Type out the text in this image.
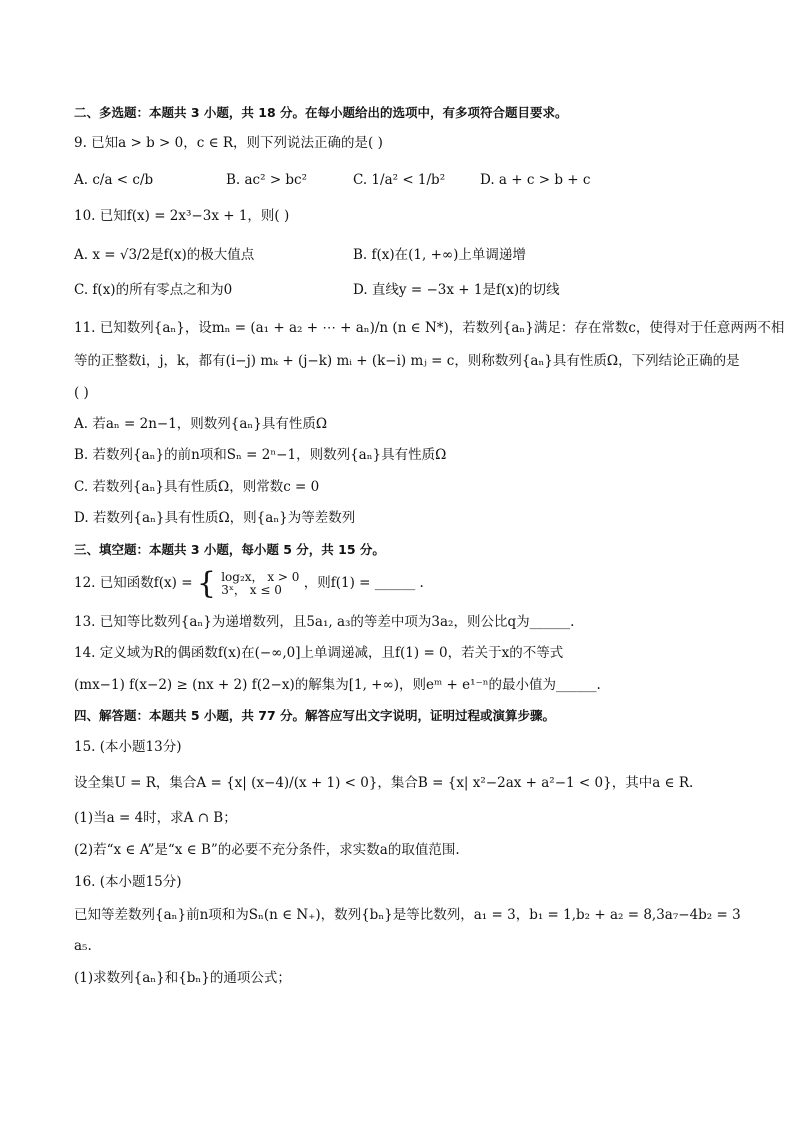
二、多选题：本题共 3 小题，共 18 分。在每小题给出的选项中，有多项符合题目要求。
9. 已知a > b > 0，c ∈ R，则下列说法正确的是( )
A. c/a < c/b	B. ac² > bc²	C. 1/a² < 1/b²	D. a + c > b + c
10. 已知f(x) = 2x³−3x + 1，则( )
A. x = √3/2是f(x)的极大值点	B. f(x)在(1, +∞)上单调递增
C. f(x)的所有零点之和为0	D. 直线y = −3x + 1是f(x)的切线
11. 已知数列{aₙ}，设mₙ = (a₁ + a₂ + ⋯ + aₙ)/n (n ∈ N*)，若数列{aₙ}满足：存在常数c，使得对于任意两两不相
等的正整数i，j，k，都有(i−j) mₖ + (j−k) mᵢ + (k−i) mⱼ = c，则称数列{aₙ}具有性质Ω，下列结论正确的是
( )
A. 若aₙ = 2n−1，则数列{aₙ}具有性质Ω
B. 若数列{aₙ}的前n项和Sₙ = 2ⁿ−1，则数列{aₙ}具有性质Ω
C. 若数列{aₙ}具有性质Ω，则常数c = 0
D. 若数列{aₙ}具有性质Ω，则{aₙ}为等差数列
三、填空题：本题共 3 小题，每小题 5 分，共 15 分。
12. 已知函数f(x) = { log₂x， x > 0
3ˣ， x ≤ 0	，则f(1) = ______ .
13. 已知等比数列{aₙ}为递增数列，且5a₁, a₃的等差中项为3a₂，则公比q为______.
14. 定义域为R的偶函数f(x)在(−∞,0]上单调递减，且f(1) = 0，若关于x的不等式
(mx−1) f(x−2) ≥ (nx + 2) f(2−x)的解集为[1, +∞)，则eᵐ + e¹⁻ⁿ的最小值为______.
四、解答题：本题共 5 小题，共 77 分。解答应写出文字说明，证明过程或演算步骤。
15. (本小题13分)
设全集U = R，集合A = {x| (x−4)/(x + 1) < 0}，集合B = {x| x²−2ax + a²−1 < 0}，其中a ∈ R.
(1)当a = 4时，求A ∩ B；
(2)若“x ∈ A”是“x ∈ B”的必要不充分条件，求实数a的取值范围.
16. (本小题15分)
已知等差数列{aₙ}前n项和为Sₙ(n ∈ N₊)，数列{bₙ}是等比数列，a₁ = 3，b₁ = 1,b₂ + a₂ = 8,3a₇−4b₂ = 3
a₅.
(1)求数列{aₙ}和{bₙ}的通项公式；
